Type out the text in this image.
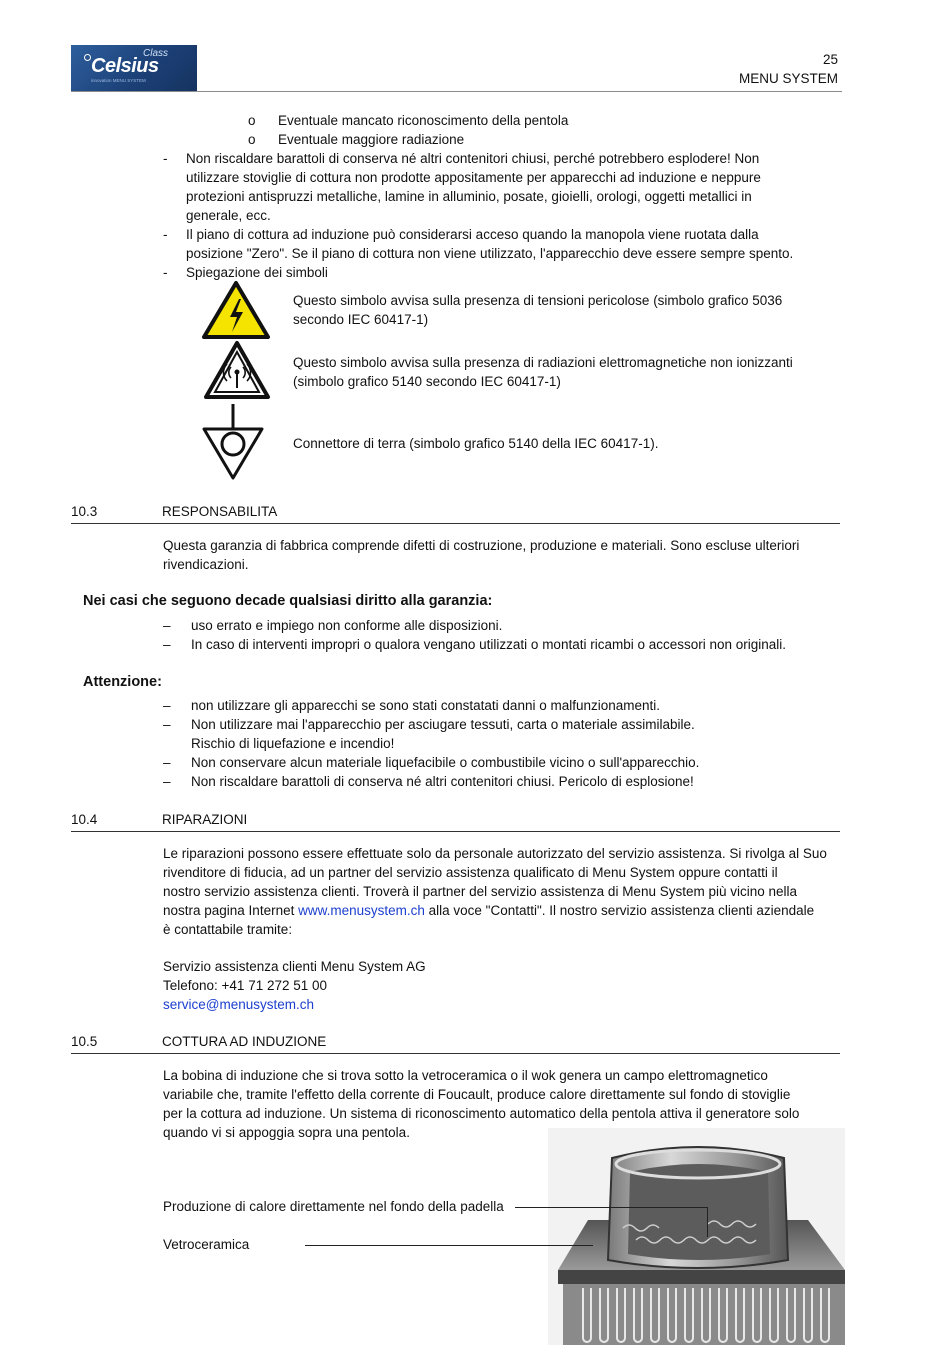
Celsius
Class
innovation MENU SYSTEM
25
MENU SYSTEM
o Eventuale mancato riconoscimento della pentola
o Eventuale maggiore radiazione
- Non riscaldare barattoli di conserva né altri contenitori chiusi, perché potrebbero esplodere! Non
utilizzare stoviglie di cottura non prodotte appositamente per apparecchi ad induzione e neppure
protezioni antispruzzi metalliche, lamine in alluminio, posate, gioielli, orologi, oggetti metallici in
generale, ecc.
- Il piano di cottura ad induzione può considerarsi acceso quando la manopola viene ruotata dalla
posizione "Zero". Se il piano di cottura non viene utilizzato, l'apparecchio deve essere sempre spento.
- Spiegazione dei simboli
Questo simbolo avvisa sulla presenza di tensioni pericolose (simbolo grafico 5036
secondo IEC 60417-1)
Questo simbolo avvisa sulla presenza di radiazioni elettromagnetiche non ionizzanti
(simbolo grafico 5140 secondo IEC 60417-1)
Connettore di terra (simbolo grafico 5140 della IEC 60417-1).
10.3	RESPONSABILITA
Questa garanzia di fabbrica comprende difetti di costruzione, produzione e materiali. Sono escluse ulteriori
rivendicazioni.
Nei casi che seguono decade qualsiasi diritto alla garanzia:
– uso errato e impiego non conforme alle disposizioni.
– In caso di interventi impropri o qualora vengano utilizzati o montati ricambi o accessori non originali.
Attenzione:
– non utilizzare gli apparecchi se sono stati constatati danni o malfunzionamenti.
– Non utilizzare mai l'apparecchio per asciugare tessuti, carta o materiale assimilabile.
Rischio di liquefazione e incendio!
– Non conservare alcun materiale liquefacibile o combustibile vicino o sull'apparecchio.
– Non riscaldare barattoli di conserva né altri contenitori chiusi. Pericolo di esplosione!
10.4	RIPARAZIONI
Le riparazioni possono essere effettuate solo da personale autorizzato del servizio assistenza. Si rivolga al Suo
rivenditore di fiducia, ad un partner del servizio assistenza qualificato di Menu System oppure contatti il
nostro servizio assistenza clienti. Troverà il partner del servizio assistenza di Menu System più vicino nella
nostra pagina Internet www.menusystem.ch alla voce "Contatti". Il nostro servizio assistenza clienti aziendale
è contattabile tramite:
Servizio assistenza clienti Menu System AG
Telefono: +41 71 272 51 00
service@menusystem.ch
10.5	COTTURA AD INDUZIONE
La bobina di induzione che si trova sotto la vetroceramica o il wok genera un campo elettromagnetico
variabile che, tramite l'effetto della corrente di Foucault, produce calore direttamente sul fondo di stoviglie
per la cottura ad induzione. Un sistema di riconoscimento automatico della pentola attiva il generatore solo
quando vi si appoggia sopra una pentola.
Produzione di calore direttamente nel fondo della padella
Vetroceramica
